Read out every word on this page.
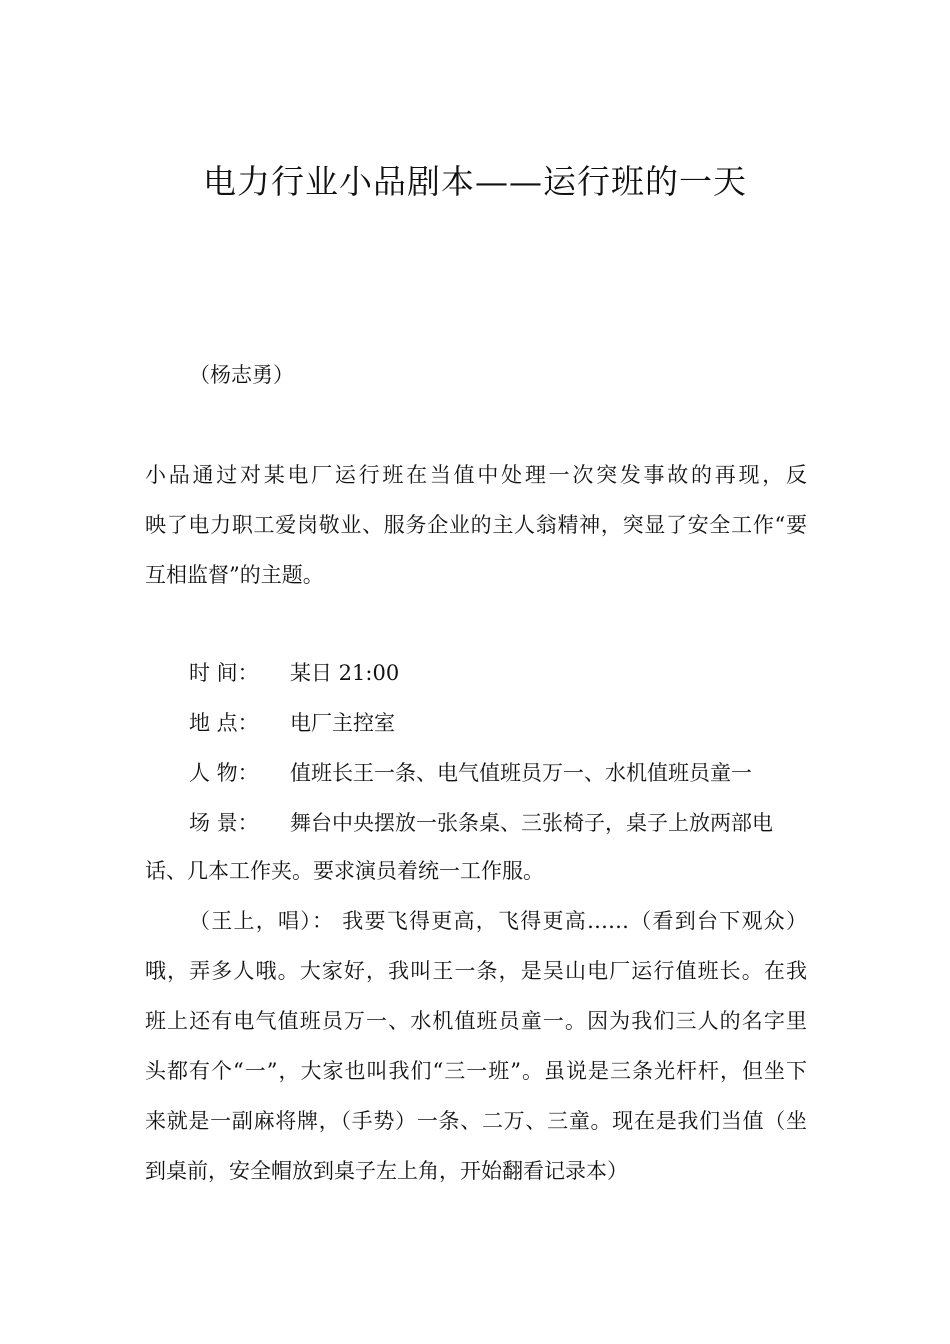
电力行业小品剧本——运行班的一天
（杨志勇）
小品通过对某电厂运行班在当值中处理一次突发事故的再现，反
映了电力职工爱岗敬业、服务企业的主人翁精神，突显了安全工作“要
互相监督”的主题。
时 间： 某日 21:00
地 点： 电厂主控室
人 物： 值班长王一条、电气值班员万一、水机值班员童一
场 景： 舞台中央摆放一张条桌、三张椅子，桌子上放两部电
话、几本工作夹。要求演员着统一工作服。
（王上，唱）： 我要飞得更高，飞得更高……（看到台下观众）
哦，弄多人哦。大家好，我叫王一条，是吴山电厂运行值班长。在我
班上还有电气值班员万一、水机值班员童一。因为我们三人的名字里
头都有个“一”，大家也叫我们“三一班”。虽说是三条光杆杆，但坐下
来就是一副麻将牌，（手势）一条、二万、三童。现在是我们当值（坐
到桌前，安全帽放到桌子左上角，开始翻看记录本）
